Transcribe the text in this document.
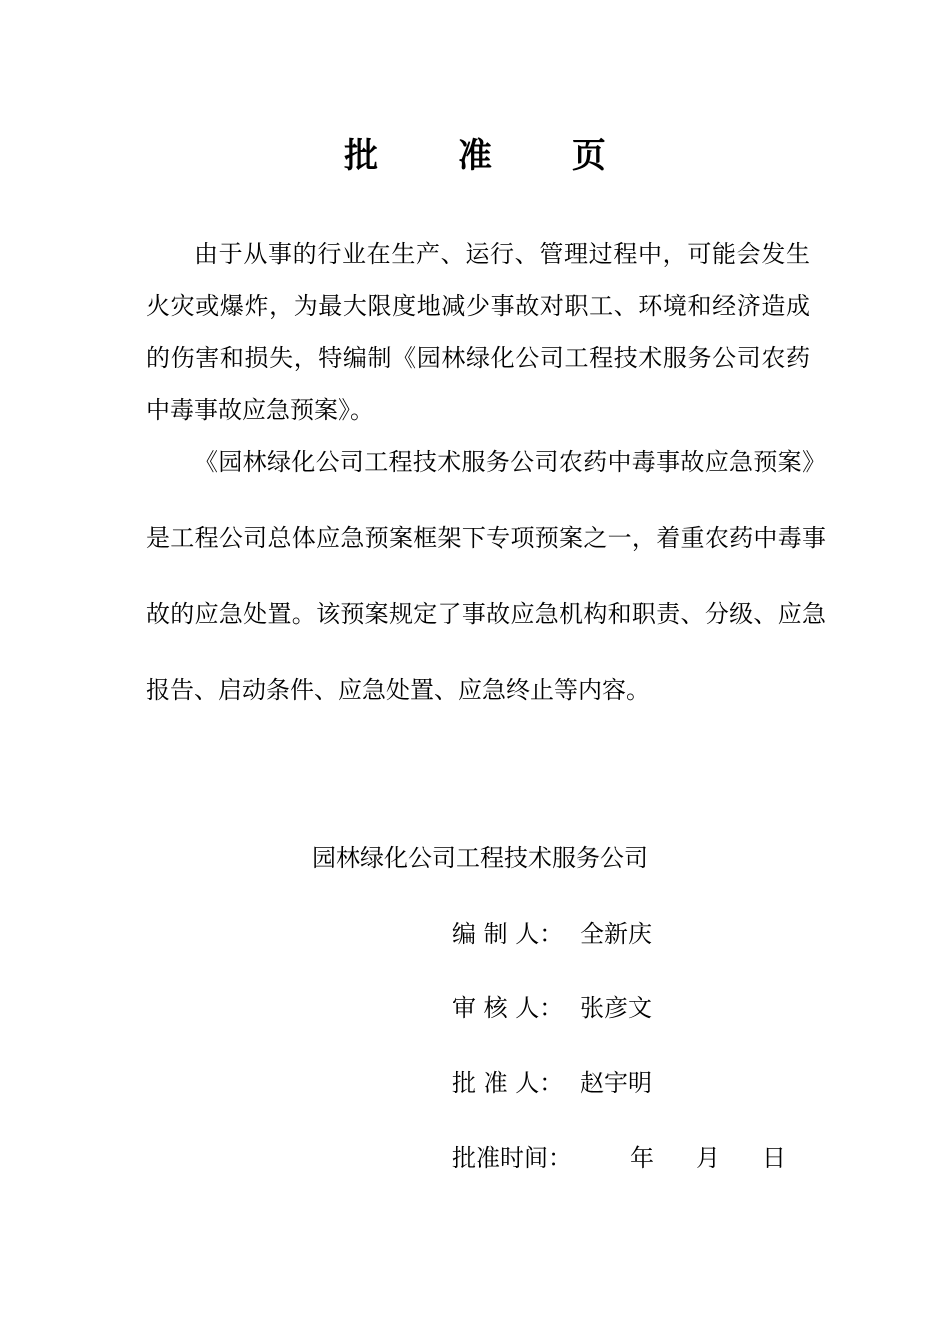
批 准 页
由于从事的行业在生产、运行、管理过程中，可能会发生火灾或爆炸，为最大限度地减少事故对职工、环境和经济造成的伤害和损失，特编制《园林绿化公司工程技术服务公司农药中毒事故应急预案》。
《园林绿化公司工程技术服务公司农药中毒事故应急预案》是工程公司总体应急预案框架下专项预案之一，着重农药中毒事故的应急处置。该预案规定了事故应急机构和职责、分级、应急报告、启动条件、应急处置、应急终止等内容。
园林绿化公司工程技术服务公司
编 制 人： 全新庆
审 核 人： 张彦文
批 准 人： 赵宇明
批准时间： 年 月 日
